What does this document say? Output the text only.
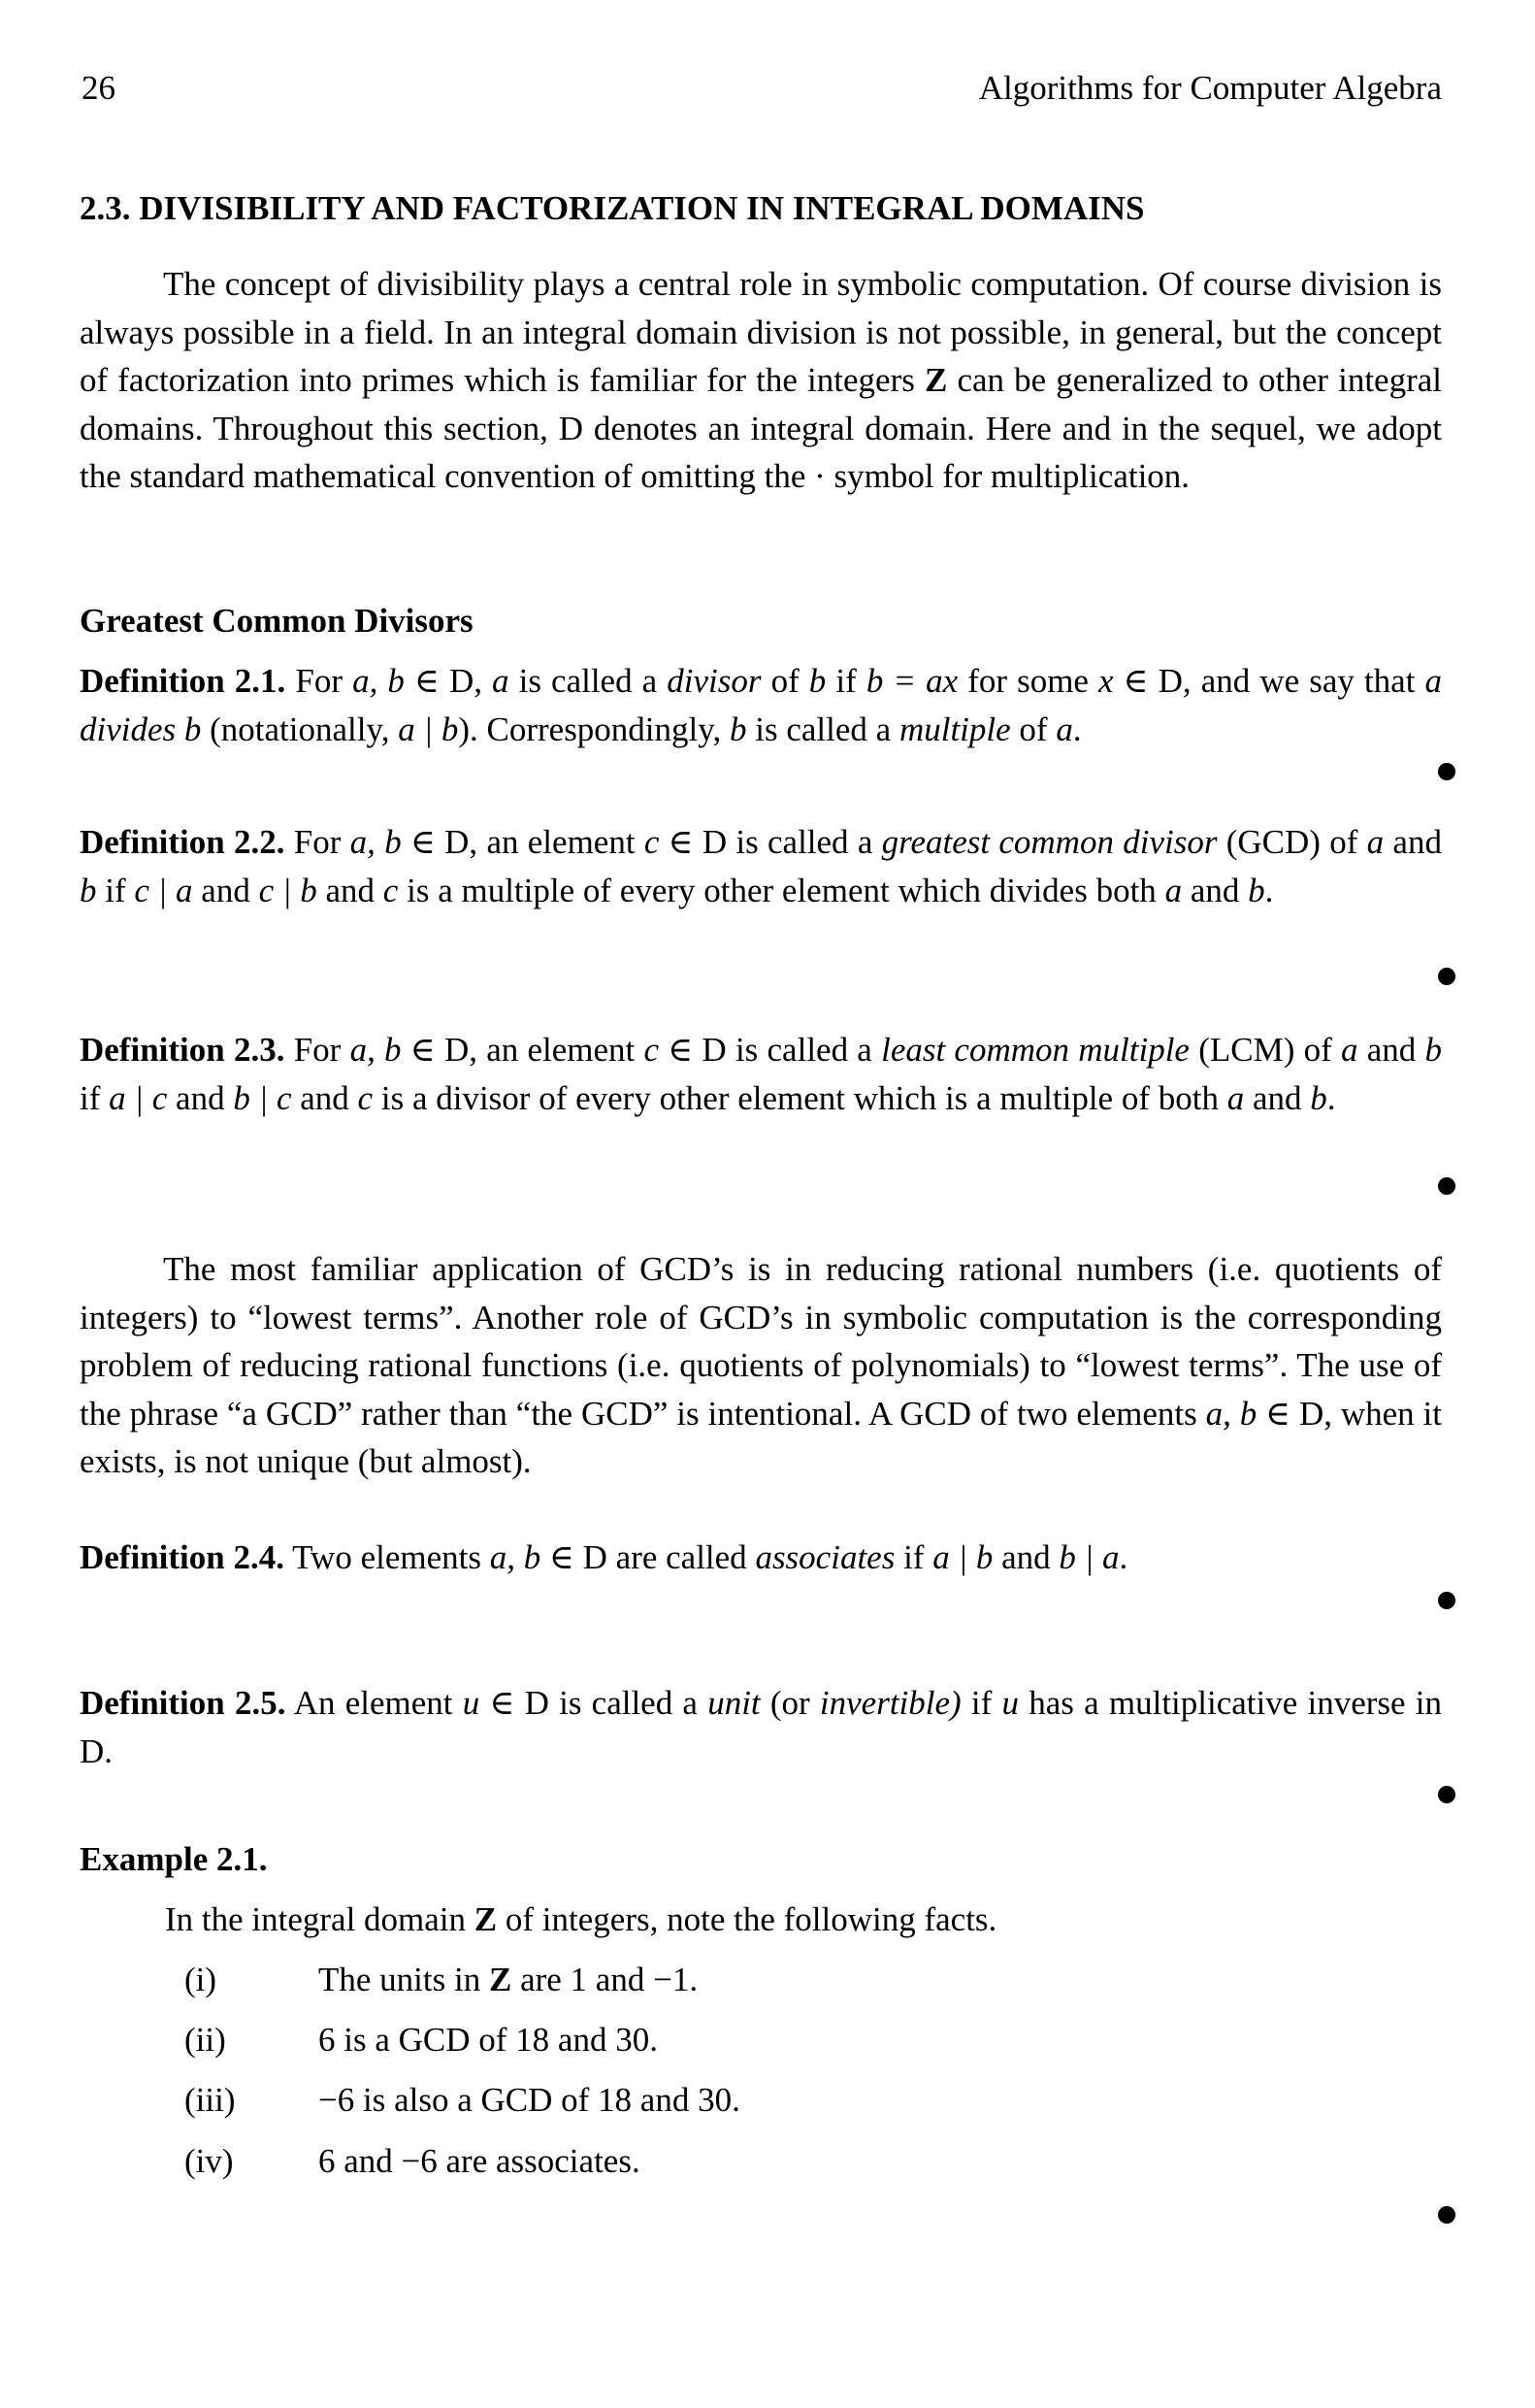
26	Algorithms for Computer Algebra
2.3. DIVISIBILITY AND FACTORIZATION IN INTEGRAL DOMAINS

The concept of divisibility plays a central role in symbolic computation. Of course division is always possible in a field. In an integral domain division is not possible, in general, but the concept of factorization into primes which is familiar for the integers Z can be generalized to other integral domains. Throughout this section, D denotes an integral domain. Here and in the sequel, we adopt the standard mathematical convention of omitting the · symbol for multiplication.

Greatest Common Divisors

Definition 2.1. For a, b ∈ D, a is called a divisor of b if b = ax for some x ∈ D, and we say that a divides b (notationally, a | b). Correspondingly, b is called a multiple of a.

Definition 2.2. For a, b ∈ D, an element c ∈ D is called a greatest common divisor (GCD) of a and b if c | a and c | b and c is a multiple of every other element which divides both a and b.

Definition 2.3. For a, b ∈ D, an element c ∈ D is called a least common multiple (LCM) of a and b if a | c and b | c and c is a divisor of every other element which is a multiple of both a and b.

The most familiar application of GCD’s is in reducing rational numbers (i.e. quotients of integers) to “lowest terms”. Another role of GCD’s in symbolic computation is the corresponding problem of reducing rational functions (i.e. quotients of polynomials) to “lowest terms”. The use of the phrase “a GCD” rather than “the GCD” is intentional. A GCD of two elements a, b ∈ D, when it exists, is not unique (but almost).

Definition 2.4. Two elements a, b ∈ D are called associates if a | b and b | a.

Definition 2.5. An element u ∈ D is called a unit (or invertible) if u has a multiplicative inverse in D.

Example 2.1.
In the integral domain Z of integers, note the following facts.
(i)	The units in Z are 1 and −1.
(ii)	6 is a GCD of 18 and 30.
(iii)	−6 is also a GCD of 18 and 30.
(iv)	6 and −6 are associates.
